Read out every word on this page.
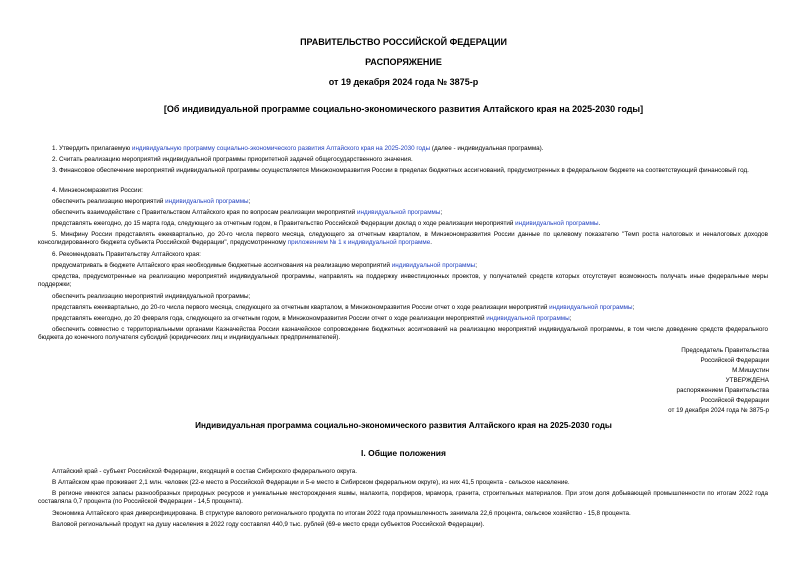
ПРАВИТЕЛЬСТВО РОССИЙСКОЙ ФЕДЕРАЦИИ
РАСПОРЯЖЕНИЕ
от 19 декабря 2024 года № 3875-р
[Об индивидуальной программе социально-экономического развития Алтайского края на 2025-2030 годы]
1. Утвердить прилагаемую индивидуальную программу социально-экономического развития Алтайского края на 2025-2030 годы (далее - индивидуальная программа).
2. Считать реализацию мероприятий индивидуальной программы приоритетной задачей общегосударственного значения.
3. Финансовое обеспечение мероприятий индивидуальной программы осуществляется Минэкономразвития России в пределах бюджетных ассигнований, предусмотренных в федеральном бюджете на соответствующий финансовый год.
4. Минэкономразвития России:
обеспечить реализацию мероприятий индивидуальной программы;
обеспечить взаимодействие с Правительством Алтайского края по вопросам реализации мероприятий индивидуальной программы;
представлять ежегодно, до 15 марта года, следующего за отчетным годом, в Правительство Российской Федерации доклад о ходе реализации мероприятий индивидуальной программы.
5. Минфину России представлять ежеквартально, до 20-го числа первого месяца, следующего за отчетным кварталом, в Минэкономразвития России данные по целевому показателю "Темп роста налоговых и неналоговых доходов консолидированного бюджета субъекта Российской Федерации", предусмотренному приложением № 1 к индивидуальной программе.
6. Рекомендовать Правительству Алтайского края:
предусматривать в бюджете Алтайского края необходимые бюджетные ассигнования на реализацию мероприятий индивидуальной программы;
средства, предусмотренные на реализацию мероприятий индивидуальной программы, направлять на поддержку инвестиционных проектов, у получателей средств которых отсутствует возможность получать иные федеральные меры поддержки;
обеспечить реализацию мероприятий индивидуальной программы;
представлять ежеквартально, до 20-го числа первого месяца, следующего за отчетным кварталом, в Минэкономразвития России отчет о ходе реализации мероприятий индивидуальной программы;
представлять ежегодно, до 20 февраля года, следующего за отчетным годом, в Минэкономразвития России отчет о ходе реализации мероприятий индивидуальной программы;
обеспечить совместно с территориальными органами Казначейства России казначейское сопровождение бюджетных ассигнований на реализацию мероприятий индивидуальной программы, в том числе доведение средств федерального бюджета до конечного получателя субсидий (юридических лиц и индивидуальных предпринимателей).
Председатель Правительства
Российской Федерации
М.Мишустин
УТВЕРЖДЕНА
распоряжением Правительства
Российской Федерации
от 19 декабря 2024 года № 3875-р
Индивидуальная программа социально-экономического развития Алтайского края на 2025-2030 годы
I. Общие положения
Алтайский край - субъект Российской Федерации, входящий в состав Сибирского федерального округа.
В Алтайском крае проживает 2,1 млн. человек (22-е место в Российской Федерации и 5-е место в Сибирском федеральном округе), из них 41,5 процента - сельское население.
В регионе имеются запасы разнообразных природных ресурсов и уникальные месторождения яшмы, малахита, порфиров, мрамора, гранита, строительных материалов. При этом доля добывающей промышленности по итогам 2022 года составляла 0,7 процента (по Российской Федерации - 14,5 процента).
Экономика Алтайского края диверсифицирована. В структуре валового регионального продукта по итогам 2022 года промышленность занимала 22,6 процента, сельское хозяйство - 15,8 процента.
Валовой региональный продукт на душу населения в 2022 году составлял 440,9 тыс. рублей (69-е место среди субъектов Российской Федерации).
